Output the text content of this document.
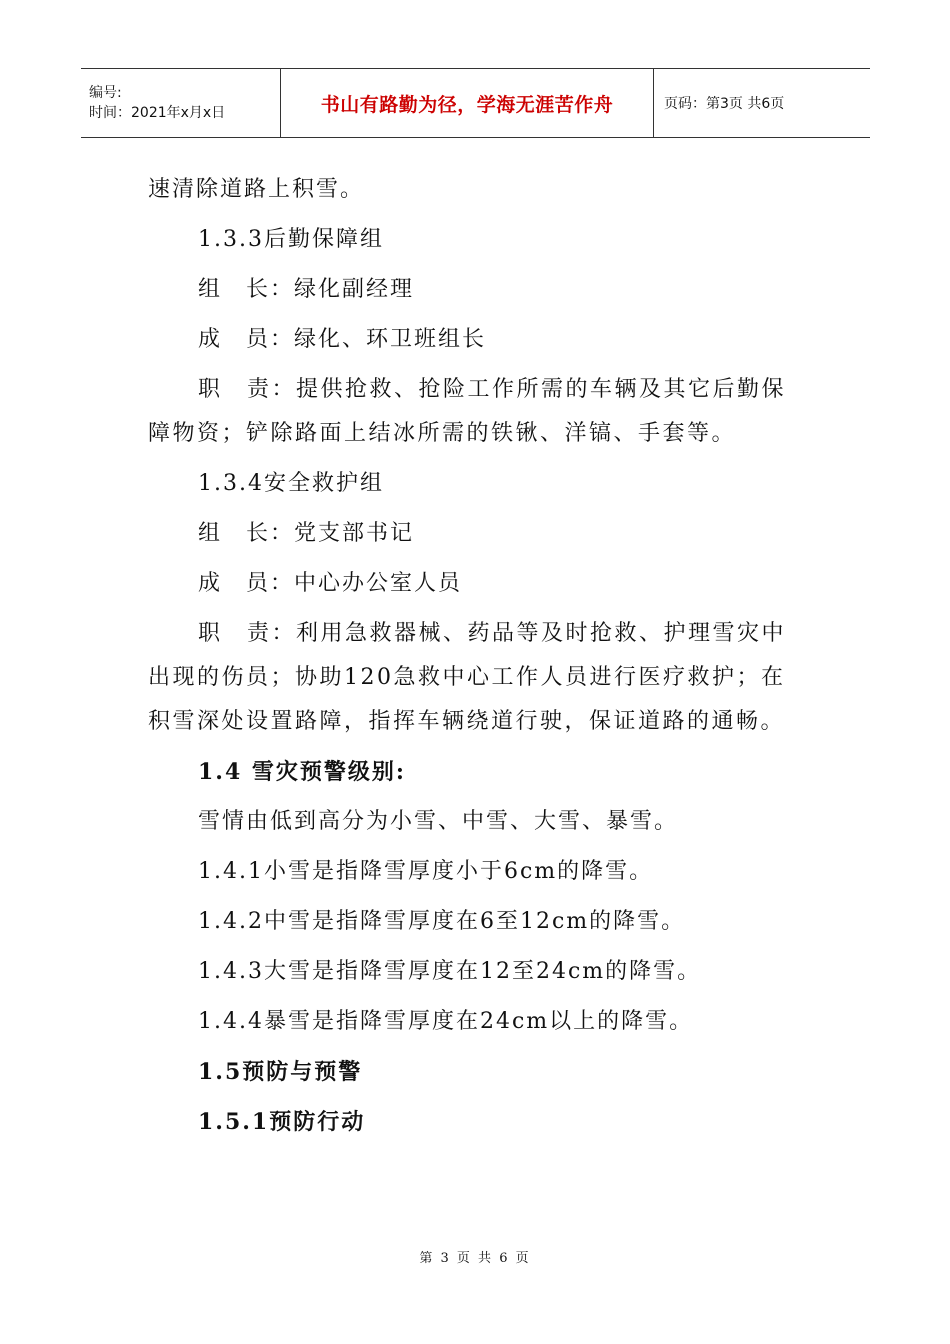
编号:
时间：2021年x月x日	书山有路勤为径，学海无涯苦作舟	页码：第3页 共6页
速清除道路上积雪。
1.3.3后勤保障组
组　长：绿化副经理
成　员：绿化、环卫班组长
职　责：提供抢救、抢险工作所需的车辆及其它后勤保障物资；铲除路面上结冰所需的铁锹、洋镐、手套等。
1.3.4安全救护组
组　长：党支部书记
成　员：中心办公室人员
职　责：利用急救器械、药品等及时抢救、护理雪灾中出现的伤员；协助120急救中心工作人员进行医疗救护；在积雪深处设置路障，指挥车辆绕道行驶，保证道路的通畅。
1.4 雪灾预警级别:
雪情由低到高分为小雪、中雪、大雪、暴雪。
1.4.1小雪是指降雪厚度小于6cm的降雪。
1.4.2中雪是指降雪厚度在6至12cm的降雪。
1.4.3大雪是指降雪厚度在12至24cm的降雪。
1.4.4暴雪是指降雪厚度在24cm以上的降雪。
1.5预防与预警
1.5.1预防行动
第 3 页 共 6 页
